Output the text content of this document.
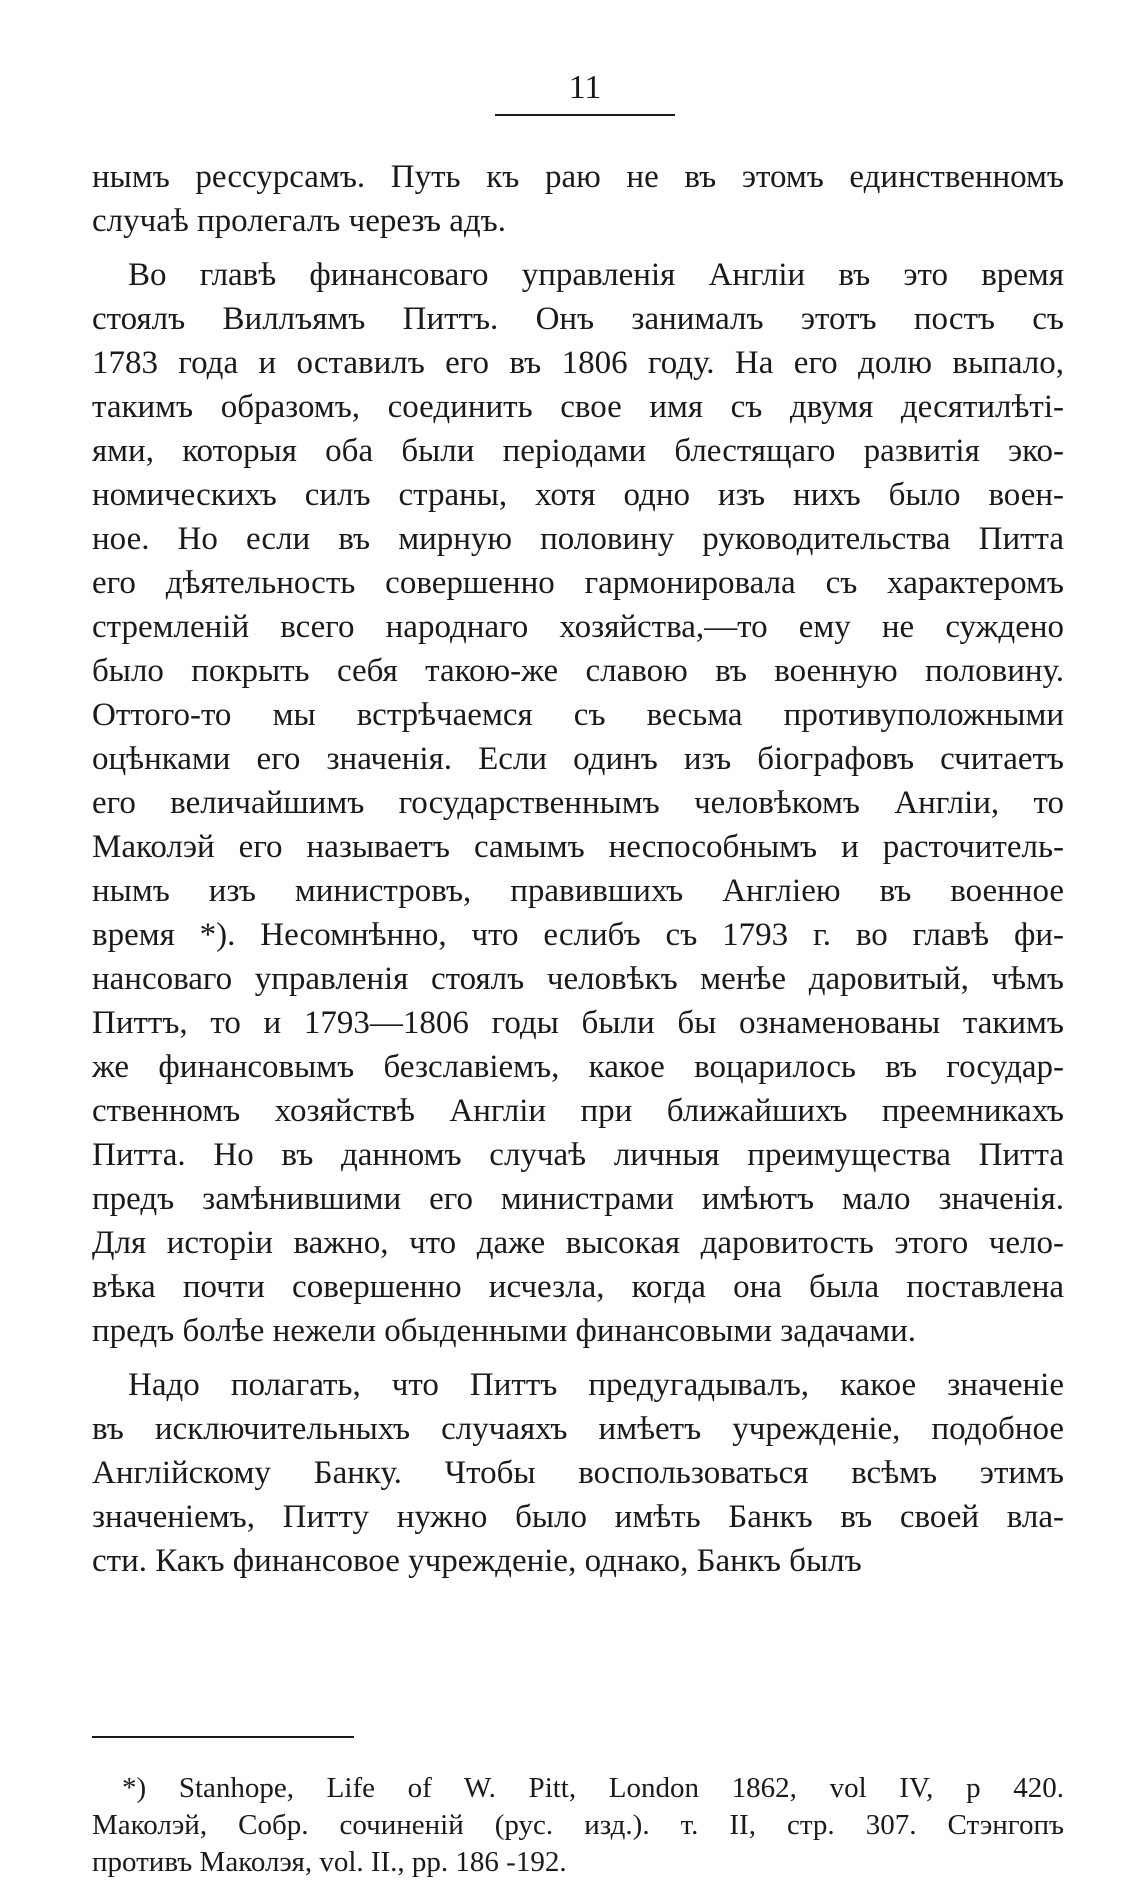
11
нымъ рессурсамъ. Путь къ раю не въ этомъ единственномъ
случаѣ пролегалъ черезъ адъ.
Во главѣ финансоваго управленія Англіи въ это время
стоялъ Виллъямъ Питтъ. Онъ занималъ этотъ постъ съ
1783 года и оставилъ его въ 1806 году. На его долю выпало,
такимъ образомъ, соединить свое имя съ двумя десятилѣті-
ями, которыя оба были періодами блестящаго развитія эко-
номическихъ силъ страны, хотя одно изъ нихъ было воен-
ное. Но если въ мирную половину руководительства Питта
его дѣятельность совершенно гармонировала съ характеромъ
стремленій всего народнаго хозяйства,—то ему не суждено
было покрыть себя такою-же славою въ военную половину.
Оттого-то мы встрѣчаемся съ весьма противуположными
оцѣнками его значенія. Если одинъ изъ біографовъ считаетъ
его величайшимъ государственнымъ человѣкомъ Англіи, то
Маколэй его называетъ самымъ неспособнымъ и расточитель-
нымъ изъ министровъ, правившихъ Англіею въ военное
время *). Несомнѣнно, что еслибъ съ 1793 г. во главѣ фи-
нансоваго управленія стоялъ человѣкъ менѣе даровитый, чѣмъ
Питтъ, то и 1793—1806 годы были бы ознаменованы такимъ
же финансовымъ безславіемъ, какое воцарилось въ государ-
ственномъ хозяйствѣ Англіи при ближайшихъ преемникахъ
Питта. Но въ данномъ случаѣ личныя преимущества Питта
предъ замѣнившими его министрами имѣютъ мало значенія.
Для исторіи важно, что даже высокая даровитость этого чело-
вѣка почти совершенно исчезла, когда она была поставлена
предъ болѣе нежели обыденными финансовыми задачами.
Надо полагать, что Питтъ предугадывалъ, какое значеніе
въ исключительныхъ случаяхъ имѣетъ учрежденіе, подобное
Англійскому Банку. Чтобы воспользоваться всѣмъ этимъ
значеніемъ, Питту нужно было имѣть Банкъ въ своей вла-
сти. Какъ финансовое учрежденіе, однако, Банкъ былъ
*) Stanhope, Life of W. Pitt, London 1862, vol IV, p 420.
Маколэй, Собр. сочиненій (рус. изд.). т. II, стр. 307. Стэнгопъ
противъ Маколэя, vol. II., pp. 186 -192.
